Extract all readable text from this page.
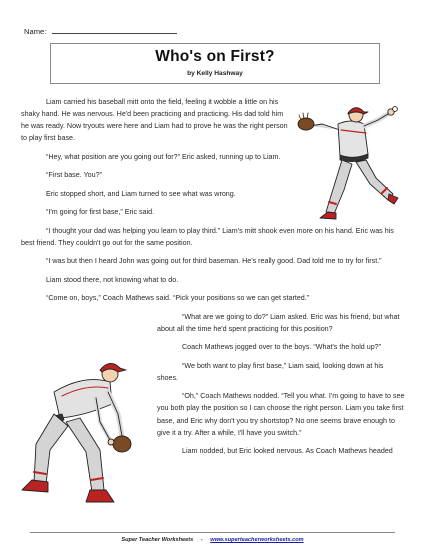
Name:
Who's on First?
by Kelly Hashway

Liam carried his baseball mitt onto the field, feeling it wobble a little on his shaky hand. He was nervous. He'd been practicing and practicing. His dad told him he was ready. Now tryouts were here and Liam had to prove he was the right person to play first base.

“Hey, what position are you going out for?” Eric asked, running up to Liam.

“First base. You?”

Eric stopped short, and Liam turned to see what was wrong.

“I'm going for first base,” Eric said.

“I thought your dad was helping you learn to play third.” Liam's mitt shook even more on his hand. Eric was his best friend. They couldn't go out for the same position.

“I was but then I heard John was going out for third baseman. He's really good. Dad told me to try for first.”

Liam stood there, not knowing what to do.

“Come on, boys,” Coach Mathews said. “Pick your positions so we can get started.”

“What are we going to do?” Liam asked. Eric was his friend, but what about all the time he'd spent practicing for this position?

Coach Mathews jogged over to the boys. “What's the hold up?”

“We both want to play first base,” Liam said, looking down at his shoes.

“Oh,” Coach Mathews nodded. “Tell you what. I'm going to have to see you both play the position so I can choose the right person. Liam you take first base, and Eric why don't you try shortstop? No one seems brave enough to give it a try. After a while, I'll have you switch.”

Liam nodded, but Eric looked nervous. As Coach Mathews headed

Super Teacher Worksheets - www.superteacherworksheets.com
